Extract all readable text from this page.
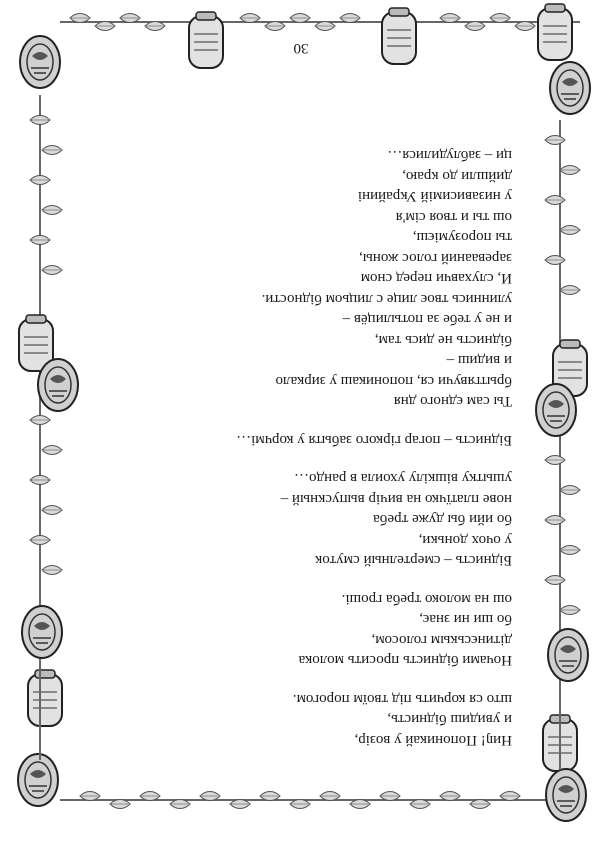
Ниŋ! Попоникай у возір,
и увидиш біднисть,
што ся корчить під твоїм порогом.
Ночами біднисть просить молока
дітинєськым голосом,
бо ши ни знає,
ош на молоко треба гроші.
Біднисть – смертелный смуток
у очох доньки,
бо ийи бы дуже треба
нове платїчко на вичір выпускный –
ушытку вішкілу ухоила в рандо…
Біднисть – погар гіркого забытя у корчмі…
Ты сам єдного дня
брытгявучи ся, попоникаш у зиркало
и видиш –
біднисть не дись там,
и не у тебе за потылицёв –
улиннись твоє лице с лицьом бідности.
И, слухавчи перед сном
заревааний голос жоны,
ты порозумієш,
ош ты и твоя сім'я
у низависимій Украйині
дийшли до краю,
ци – заблудилися…
30
